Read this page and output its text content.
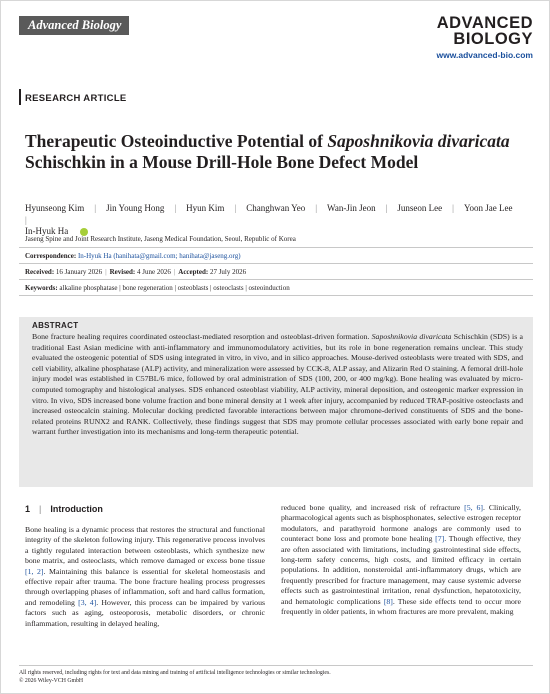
Advanced Biology	ADVANCED
BIOLOGY
www.advanced-bio.com
RESEARCH ARTICLE
Therapeutic Osteoinductive Potential of Saposhnikovia divaricata Schischkin in a Mouse Drill-Hole Bone Defect Model
Hyunseong Kim | Jin Young Hong | Hyun Kim | Changhwan Yeo | Wan-Jin Jeon | Junseon Lee | Yoon Jae Lee|
In-Hyuk Ha
Jaseng Spine and Joint Research Institute, Jaseng Medical Foundation, Seoul, Republic of Korea
Correspondence: In-Hyuk Ha (hanihata@gmail.com; hanihata@jaseng.org)
Received: 16 January 2026 | Revised: 4 June 2026 | Accepted: 27 July 2026
Keywords: alkaline phosphatase | bone regeneration | osteoblasts | osteoclasts | osteoinduction
ABSTRACT
Bone fracture healing requires coordinated osteoclast-mediated resorption and osteoblast-driven formation. Saposhnikovia divaricata Schischkin (SDS) is a traditional East Asian medicine with anti-inflammatory and immunomodulatory activities, but its role in bone regeneration remains unclear. This study evaluated the osteogenic potential of SDS using integrated in vitro, in vivo, and in silico approaches. Mouse-derived osteoblasts were treated with SDS, and cell viability, alkaline phosphatase (ALP) activity, and mineralization were assessed by CCK-8, ALP assay, and Alizarin Red O staining. A femoral drill-hole injury model was established in C57BL/6 mice, followed by oral administration of SDS (100, 200, or 400 mg/kg). Bone healing was evaluated by micro-computed tomography and histological analyses. SDS enhanced osteoblast viability, ALP activity, mineral deposition, and osteogenic marker expression in vitro. In vivo, SDS increased bone volume fraction and bone mineral density at 1 week after injury, accompanied by reduced TRAP-positive osteoclasts and increased osteocalcin staining. Molecular docking predicted favorable interactions between major chromone-derived constituents of SDS and the bone-related proteins RUNX2 and RANK. Collectively, these findings suggest that SDS may promote cellular processes associated with early bone repair and warrant further investigation into its mechanisms and long-term therapeutic potential.
1 | Introduction
Bone healing is a dynamic process that restores the structural and functional integrity of the skeleton following injury. This regenerative process involves a tightly regulated interaction between osteoblasts, which synthesize new bone matrix, and osteoclasts, which remove damaged or excess bone tissue [1, 2]. Maintaining this balance is essential for skeletal homeostasis and effective repair after trauma. The bone fracture healing process progresses through overlapping phases of inflammation, soft and hard callus formation, and remodeling [3, 4]. However, this process can be impaired by various factors such as aging, osteoporosis, metabolic disorders, or chronic inflammation, resulting in delayed healing,
reduced bone quality, and increased risk of refracture [5, 6]. Clinically, pharmacological agents such as bisphosphonates, selective estrogen receptor modulators, and parathyroid hormone analogs are commonly used to counteract bone loss and promote bone healing [7]. Though effective, they are often associated with limitations, including gastrointestinal side effects, long-term safety concerns, high costs, and limited efficacy in certain populations. In addition, nonsteroidal anti-inflammatory drugs, which are frequently prescribed for fracture management, may cause systemic adverse effects such as gastrointestinal irritation, renal dysfunction, hepatotoxicity, and hematologic complications [8]. These side effects tend to occur more frequently in older patients, in whom fractures are more prevalent, making
All rights reserved, including rights for text and data mining and training of artificial intelligence technologies or similar technologies.
© 2026 Wiley-VCH GmbH
